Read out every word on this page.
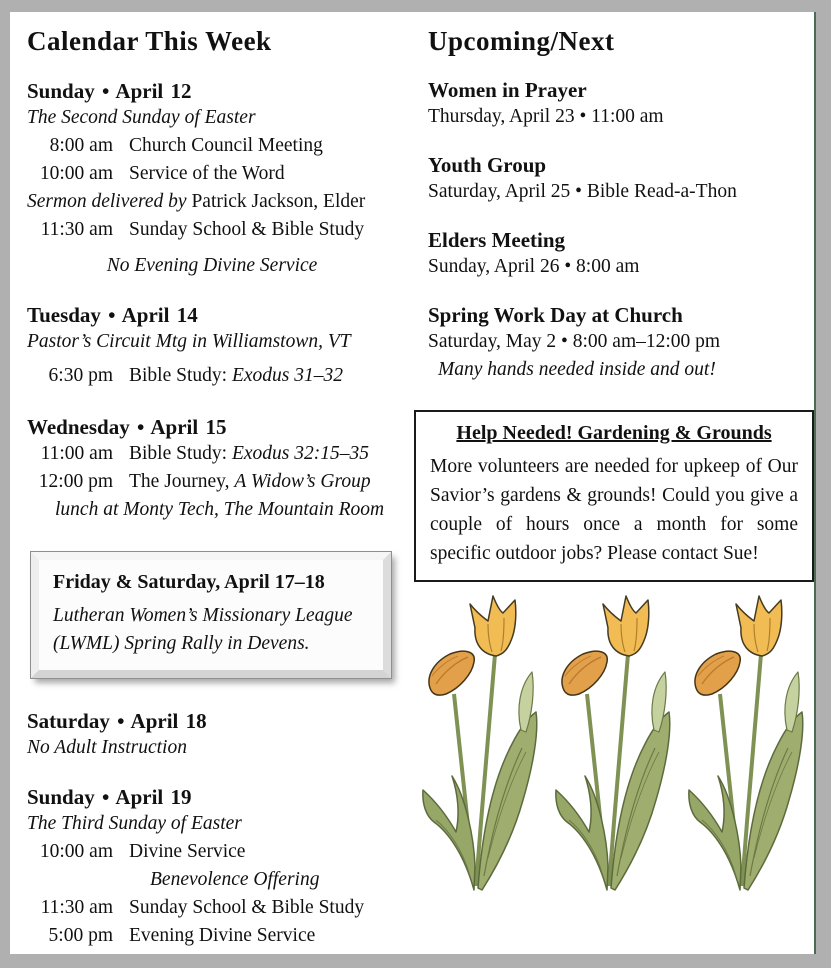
Calendar This Week
Sunday • April 12
The Second Sunday of Easter
8:00 am Church Council Meeting
10:00 am Service of the Word
Sermon delivered by Patrick Jackson, Elder
11:30 am Sunday School & Bible Study
No Evening Divine Service
Tuesday • April 14
Pastor’s Circuit Mtg in Williamstown, VT
6:30 pm Bible Study: Exodus 31–32
Wednesday • April 15
11:00 am Bible Study: Exodus 32:15–35
12:00 pm The Journey, A Widow’s Group
lunch at Monty Tech, The Mountain Room
Friday & Saturday, April 17–18
Lutheran Women’s Missionary League (LWML) Spring Rally in Devens.
Saturday • April 18
No Adult Instruction
Sunday • April 19
The Third Sunday of Easter
10:00 am Divine Service
Benevolence Offering
11:30 am Sunday School & Bible Study
5:00 pm Evening Divine Service
Upcoming/Next
Women in Prayer
Thursday, April 23 • 11:00 am
Youth Group
Saturday, April 25 • Bible Read-a-Thon
Elders Meeting
Sunday, April 26 • 8:00 am
Spring Work Day at Church
Saturday, May 2 • 8:00 am–12:00 pm
Many hands needed inside and out!
Help Needed! Gardening & Grounds
More volunteers are needed for upkeep of Our Savior’s gardens & grounds! Could you give a couple of hours once a month for some specific outdoor jobs? Please contact Sue!
